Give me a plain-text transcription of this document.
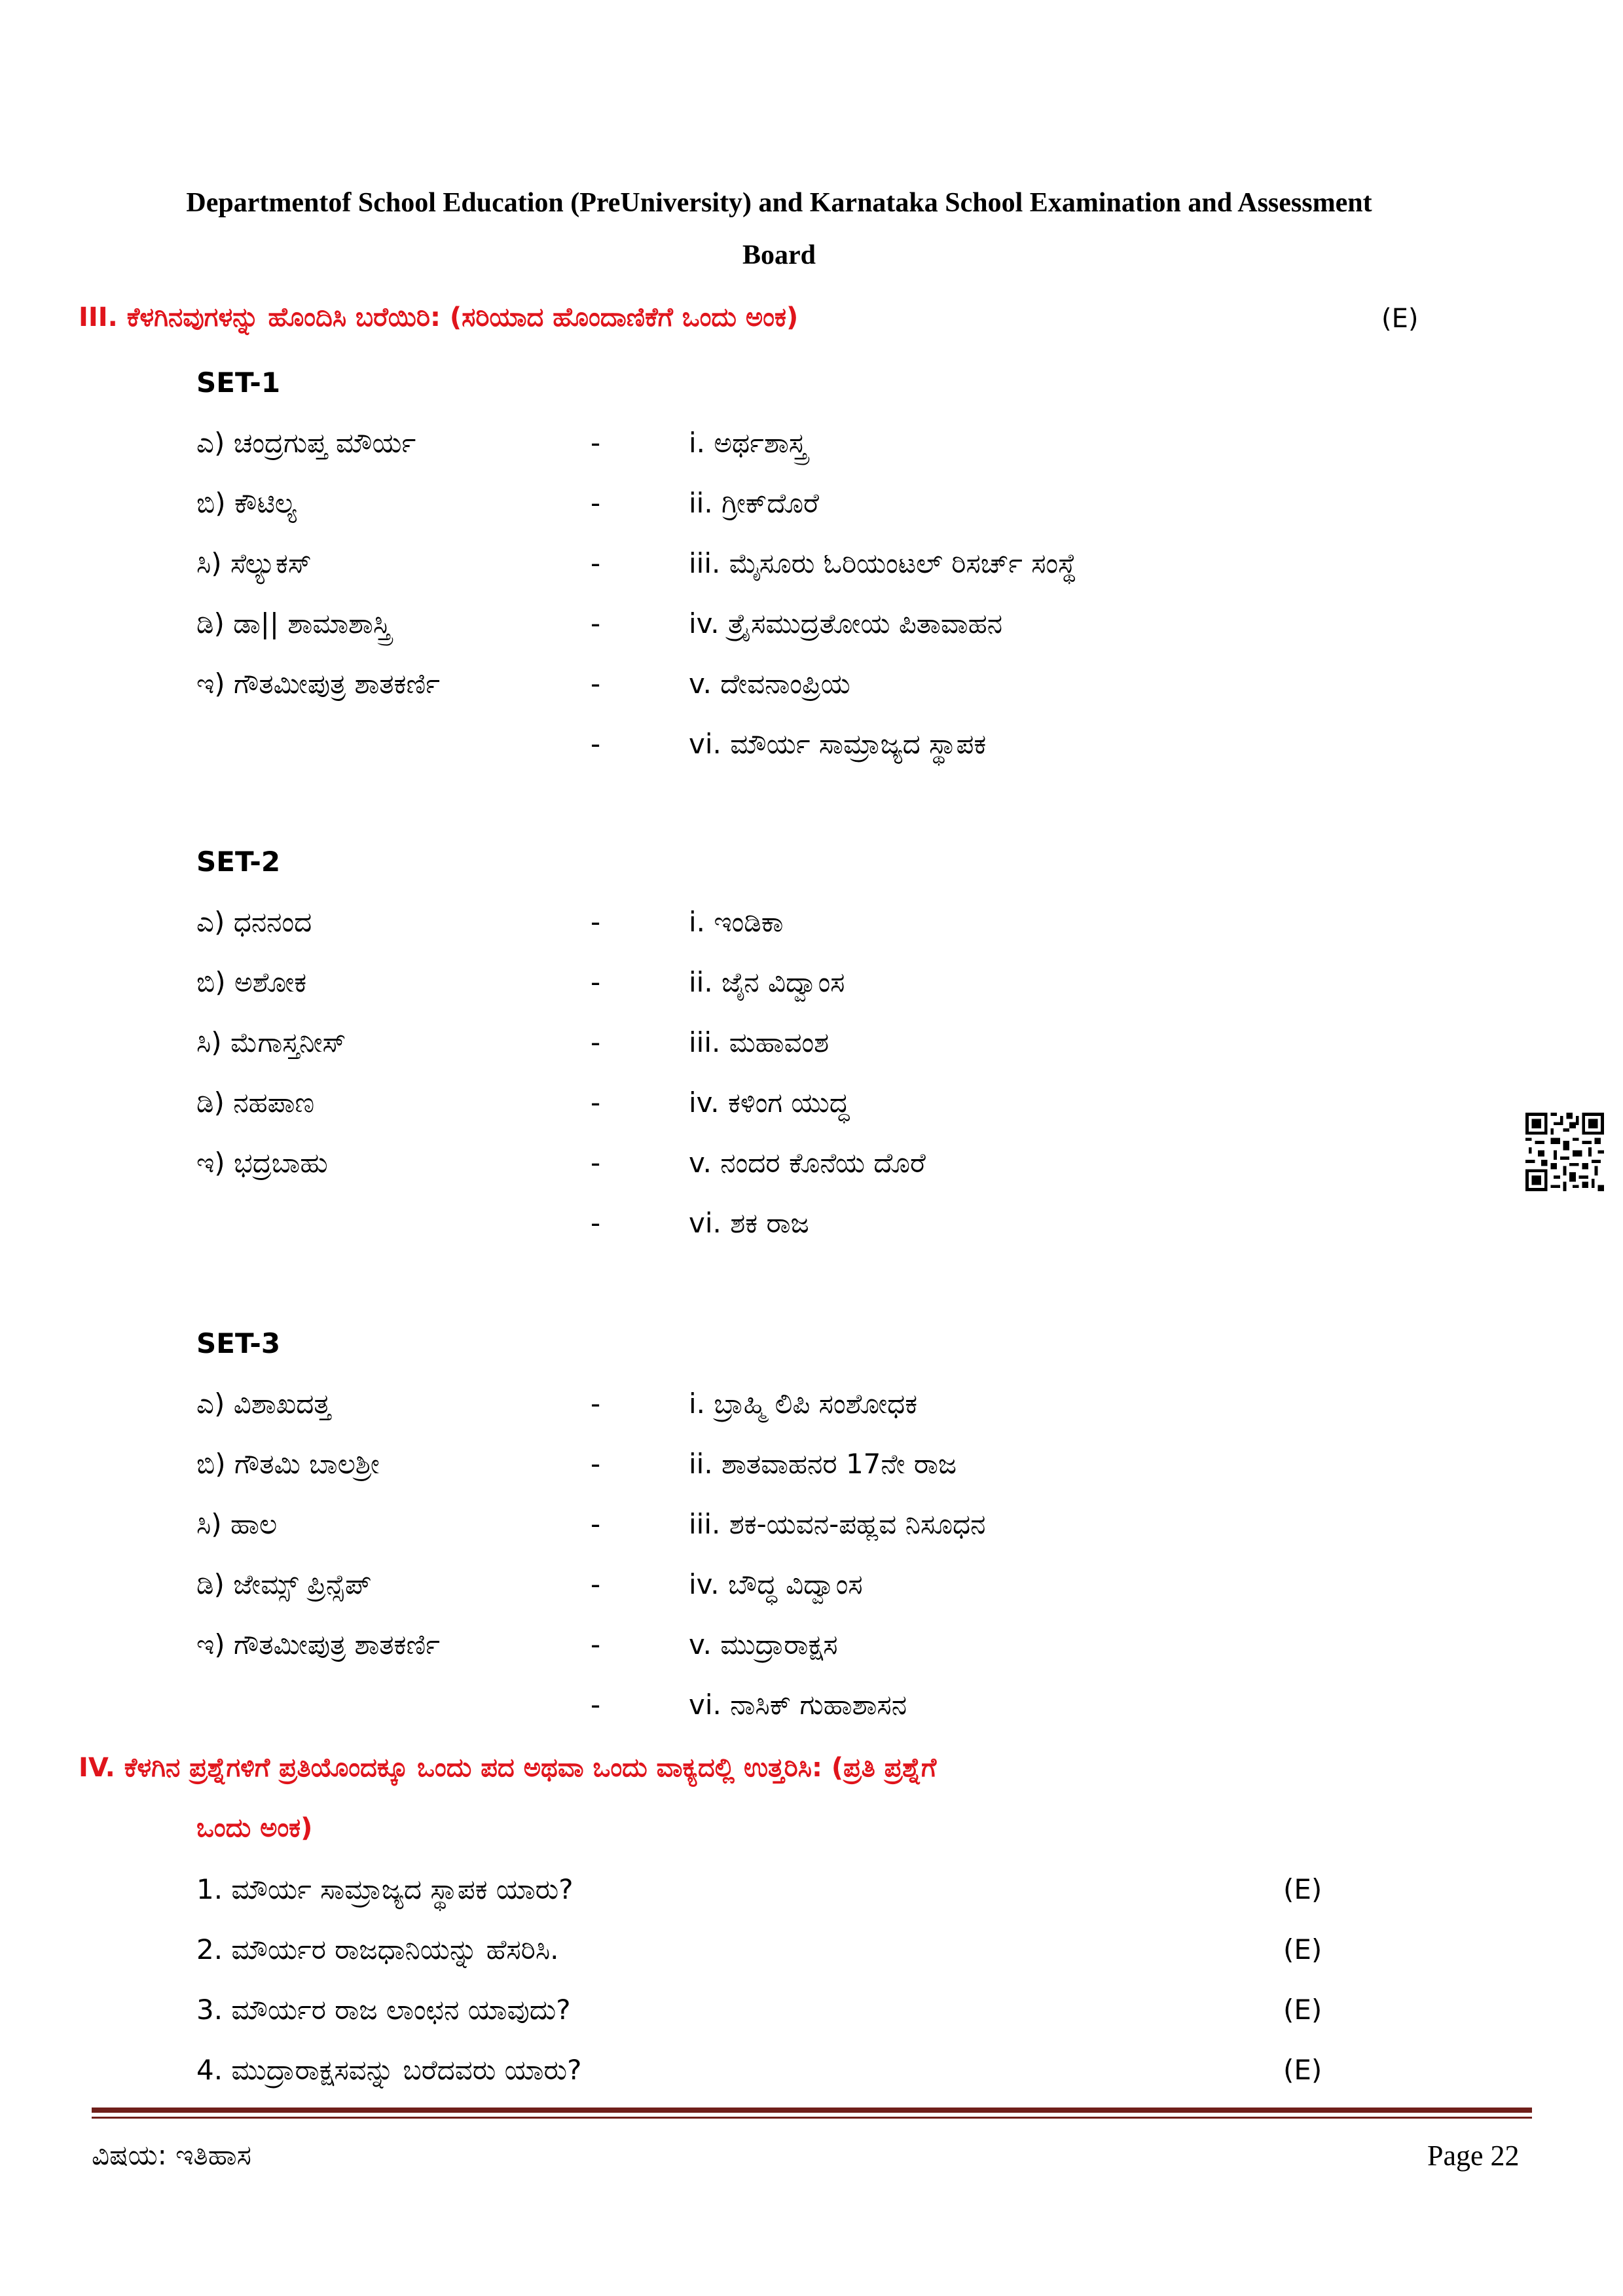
Departmentof School Education (PreUniversity) and Karnataka School Examination and Assessment
Board
III. ಕೆಳಗಿನವುಗಳನ್ನು ಹೊಂದಿಸಿ ಬರೆಯಿರಿ: (ಸರಿಯಾದ ಹೊಂದಾಣಿಕೆಗೆ ಒಂದು ಅಂಕ)	(E)
SET-1
ಎ) ಚಂದ್ರಗುಪ್ತ ಮೌರ್ಯ	-	i. ಅರ್ಥಶಾಸ್ತ್ರ
ಬಿ) ಕೌಟಿಲ್ಯ	-	ii. ಗ್ರೀಕ್‌ದೊರೆ
ಸಿ) ಸೆಲ್ಯುಕಸ್	-	iii. ಮೈಸೂರು ಓರಿಯಂಟಲ್ ರಿಸರ್ಚ್ ಸಂಸ್ಥೆ
ಡಿ) ಡಾ|| ಶಾಮಾಶಾಸ್ತ್ರಿ	-	iv. ತ್ರೈಸಮುದ್ರತೋಯ ಪಿತಾವಾಹನ
ಇ) ಗೌತಮೀಪುತ್ರ ಶಾತಕರ್ಣಿ	-	v. ದೇವನಾಂಪ್ರಿಯ
-	vi. ಮೌರ್ಯ ಸಾಮ್ರಾಜ್ಯದ ಸ್ಥಾಪಕ
SET-2
ಎ) ಧನನಂದ	-	i. ಇಂಡಿಕಾ
ಬಿ) ಅಶೋಕ	-	ii. ಜೈನ ವಿದ್ವಾಂಸ
ಸಿ) ಮೆಗಾಸ್ತನೀಸ್	-	iii. ಮಹಾವಂಶ
ಡಿ) ನಹಪಾಣ	-	iv. ಕಳಿಂಗ ಯುದ್ಧ
ಇ) ಭದ್ರಬಾಹು	-	v. ನಂದರ ಕೊನೆಯ ದೊರೆ
-	vi. ಶಕ ರಾಜ
SET-3
ಎ) ವಿಶಾಖದತ್ತ	-	i. ಬ್ರಾಹ್ಮಿ ಲಿಪಿ ಸಂಶೋಧಕ
ಬಿ) ಗೌತಮಿ ಬಾಲಶ್ರೀ	-	ii. ಶಾತವಾಹನರ 17ನೇ ರಾಜ
ಸಿ) ಹಾಲ	-	iii. ಶಕ-ಯವನ-ಪಹ್ಲವ ನಿಸೂಧನ
ಡಿ) ಜೇಮ್ಸ್ ಪ್ರಿನ್ಸೆಪ್	-	iv. ಬೌದ್ಧ ವಿದ್ವಾಂಸ
ಇ) ಗೌತಮೀಪುತ್ರ ಶಾತಕರ್ಣಿ	-	v. ಮುದ್ರಾರಾಕ್ಷಸ
-	vi. ನಾಸಿಕ್ ಗುಹಾಶಾಸನ
IV. ಕೆಳಗಿನ ಪ್ರಶ್ನೆಗಳಿಗೆ ಪ್ರತಿಯೊಂದಕ್ಕೂ ಒಂದು ಪದ ಅಥವಾ ಒಂದು ವಾಕ್ಯದಲ್ಲಿ ಉತ್ತರಿಸಿ: (ಪ್ರತಿ ಪ್ರಶ್ನೆಗೆ
ಒಂದು ಅಂಕ)
1. ಮೌರ್ಯ ಸಾಮ್ರಾಜ್ಯದ ಸ್ಥಾಪಕ ಯಾರು?	(E)
2. ಮೌರ್ಯರ ರಾಜಧಾನಿಯನ್ನು ಹೆಸರಿಸಿ.	(E)
3. ಮೌರ್ಯರ ರಾಜ ಲಾಂಛನ ಯಾವುದು?	(E)
4. ಮುದ್ರಾರಾಕ್ಷಸವನ್ನು ಬರೆದವರು ಯಾರು?	(E)
ವಿಷಯ: ಇತಿಹಾಸ	Page 22
